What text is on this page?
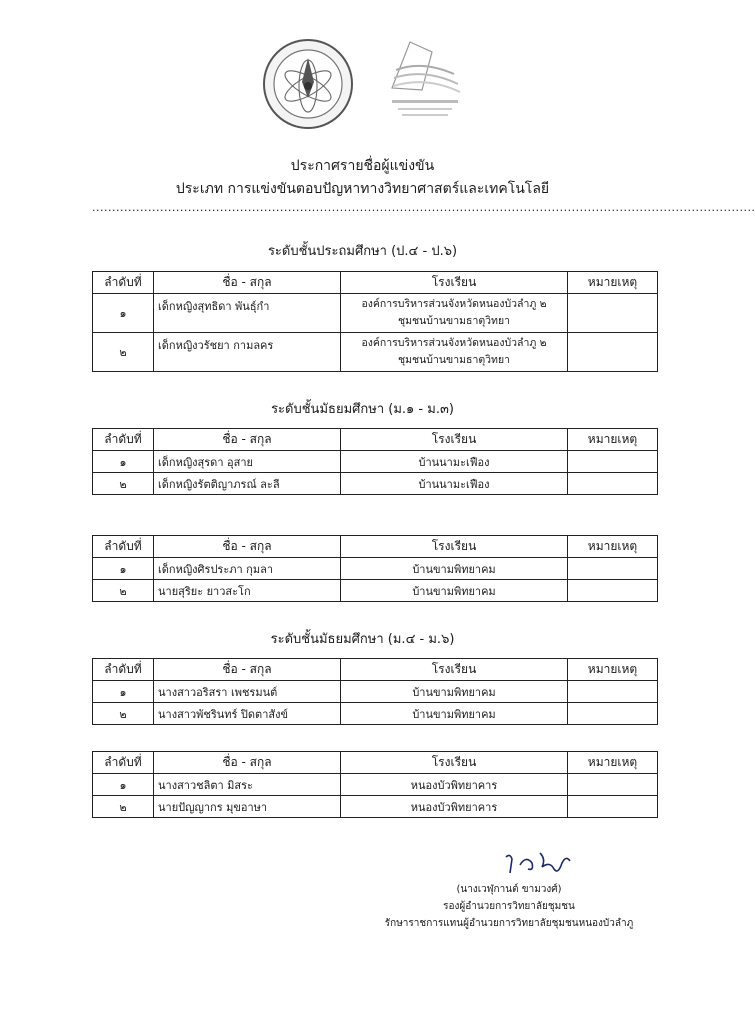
ประกาศรายชื่อผู้แข่งขัน
ประเภท การแข่งขันตอบปัญหาทางวิทยาศาสตร์และเทคโนโลยี
......................................................................................................................................................................
ระดับชั้นประถมศึกษา (ป.๔ - ป.๖)
ลำดับที่	ชื่อ - สกุล	โรงเรียน	หมายเหตุ
๑	เด็กหญิงสุทธิดา พันธุ์กำ	องค์การบริหารส่วนจังหวัดหนองบัวลำภู ๒
ชุมชนบ้านขามธาตุวิทยา	

๒	เด็กหญิงวรัชยา กามลคร	องค์การบริหารส่วนจังหวัดหนองบัวลำภู ๒
ชุมชนบ้านขามธาตุวิทยา	

ระดับชั้นมัธยมศึกษา (ม.๑ - ม.๓)
ลำดับที่	ชื่อ - สกุล	โรงเรียน	หมายเหตุ
๑	เด็กหญิงสุรดา อุสาย	บ้านนามะเฟือง	
๒	เด็กหญิงรัตติญาภรณ์ ละลี	บ้านนามะเฟือง	
ลำดับที่	ชื่อ - สกุล	โรงเรียน	หมายเหตุ
๑	เด็กหญิงศิรประภา กุมลา	บ้านขามพิทยาคม	
๒	นายสุริยะ ยาวสะโก	บ้านขามพิทยาคม	
ระดับชั้นมัธยมศึกษา (ม.๔ - ม.๖)
ลำดับที่	ชื่อ - สกุล	โรงเรียน	หมายเหตุ
๑	นางสาวอริสรา เพชรมนต์	บ้านขามพิทยาคม	
๒	นางสาวพัชรินทร์ ปิดตาสังข์	บ้านขามพิทยาคม	
ลำดับที่	ชื่อ - สกุล	โรงเรียน	หมายเหตุ
๑	นางสาวชลิตา มิสระ	หนองบัวพิทยาคาร	
๒	นายปัญญากร มุขอาษา	หนองบัวพิทยาคาร	
(นางเวฬุกานต์ ขามวงศ์)
รองผู้อำนวยการวิทยาลัยชุมชน
รักษาราชการแทนผู้อำนวยการวิทยาลัยชุมชนหนองบัวลำภู
